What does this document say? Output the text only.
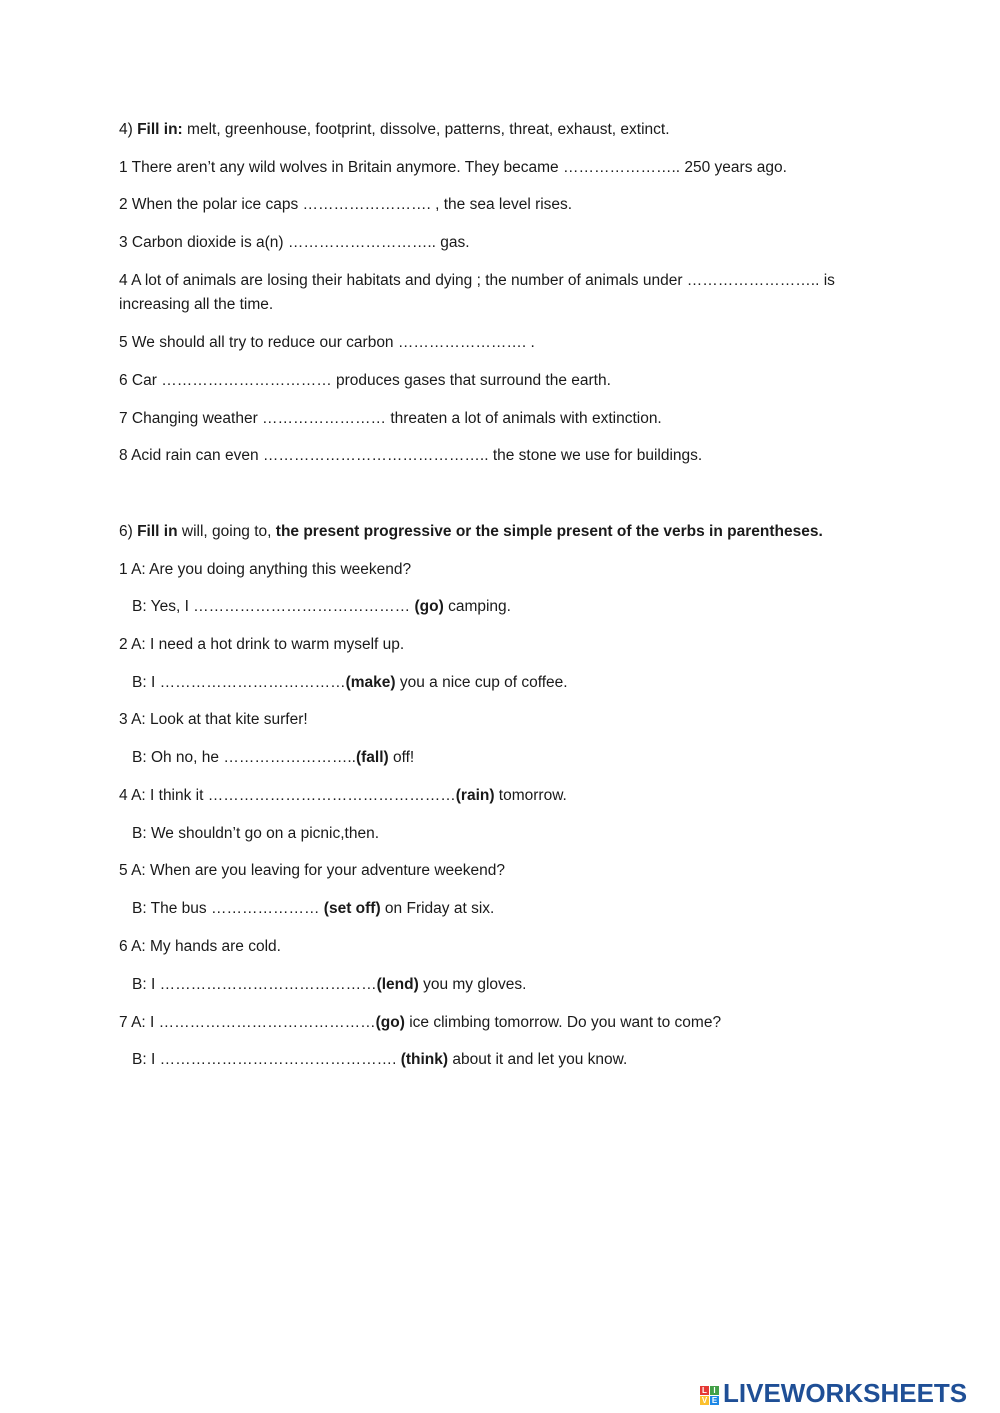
4) Fill in: melt, greenhouse, footprint, dissolve, patterns, threat, exhaust, extinct.
1 There aren’t any wild wolves in Britain anymore. They became ………………….. 250 years ago.
2 When the polar ice caps ……………………. , the sea level rises.
3 Carbon dioxide is a(n) ……………………….. gas.
4 A lot of animals are losing their habitats and dying ; the number of animals under …………………….. is increasing all the time.
5 We should all try to reduce our carbon ……………………. .
6 Car …………………………… produces gases that surround the earth.
7 Changing weather …………………… threaten a lot of animals with extinction.
8 Acid rain can even …………………………………….. the stone we use for buildings.
6) Fill in will, going to, the present progressive or the simple present of the verbs in parentheses.
1 A: Are you doing anything this weekend?
B: Yes, I …………………………………… (go) camping.
2 A: I need a hot drink to warm myself up.
B: I ………………………………(make) you a nice cup of coffee.
3 A: Look at that kite surfer!
B: Oh no, he ……………………..(fall) off!
4 A: I think it …………………………………………(rain) tomorrow.
B: We shouldn’t go on a picnic,then.
5 A: When are you leaving for your adventure weekend?
B: The bus ………………… (set off) on Friday at six.
6 A: My hands are cold.
B: I ……………………………………(lend) you my gloves.
7 A: I ……………………………………(go) ice climbing tomorrow. Do you want to come?
B: I ………………………………………. (think) about it and let you know.
L I
V E LIVEWORKSHEETS
